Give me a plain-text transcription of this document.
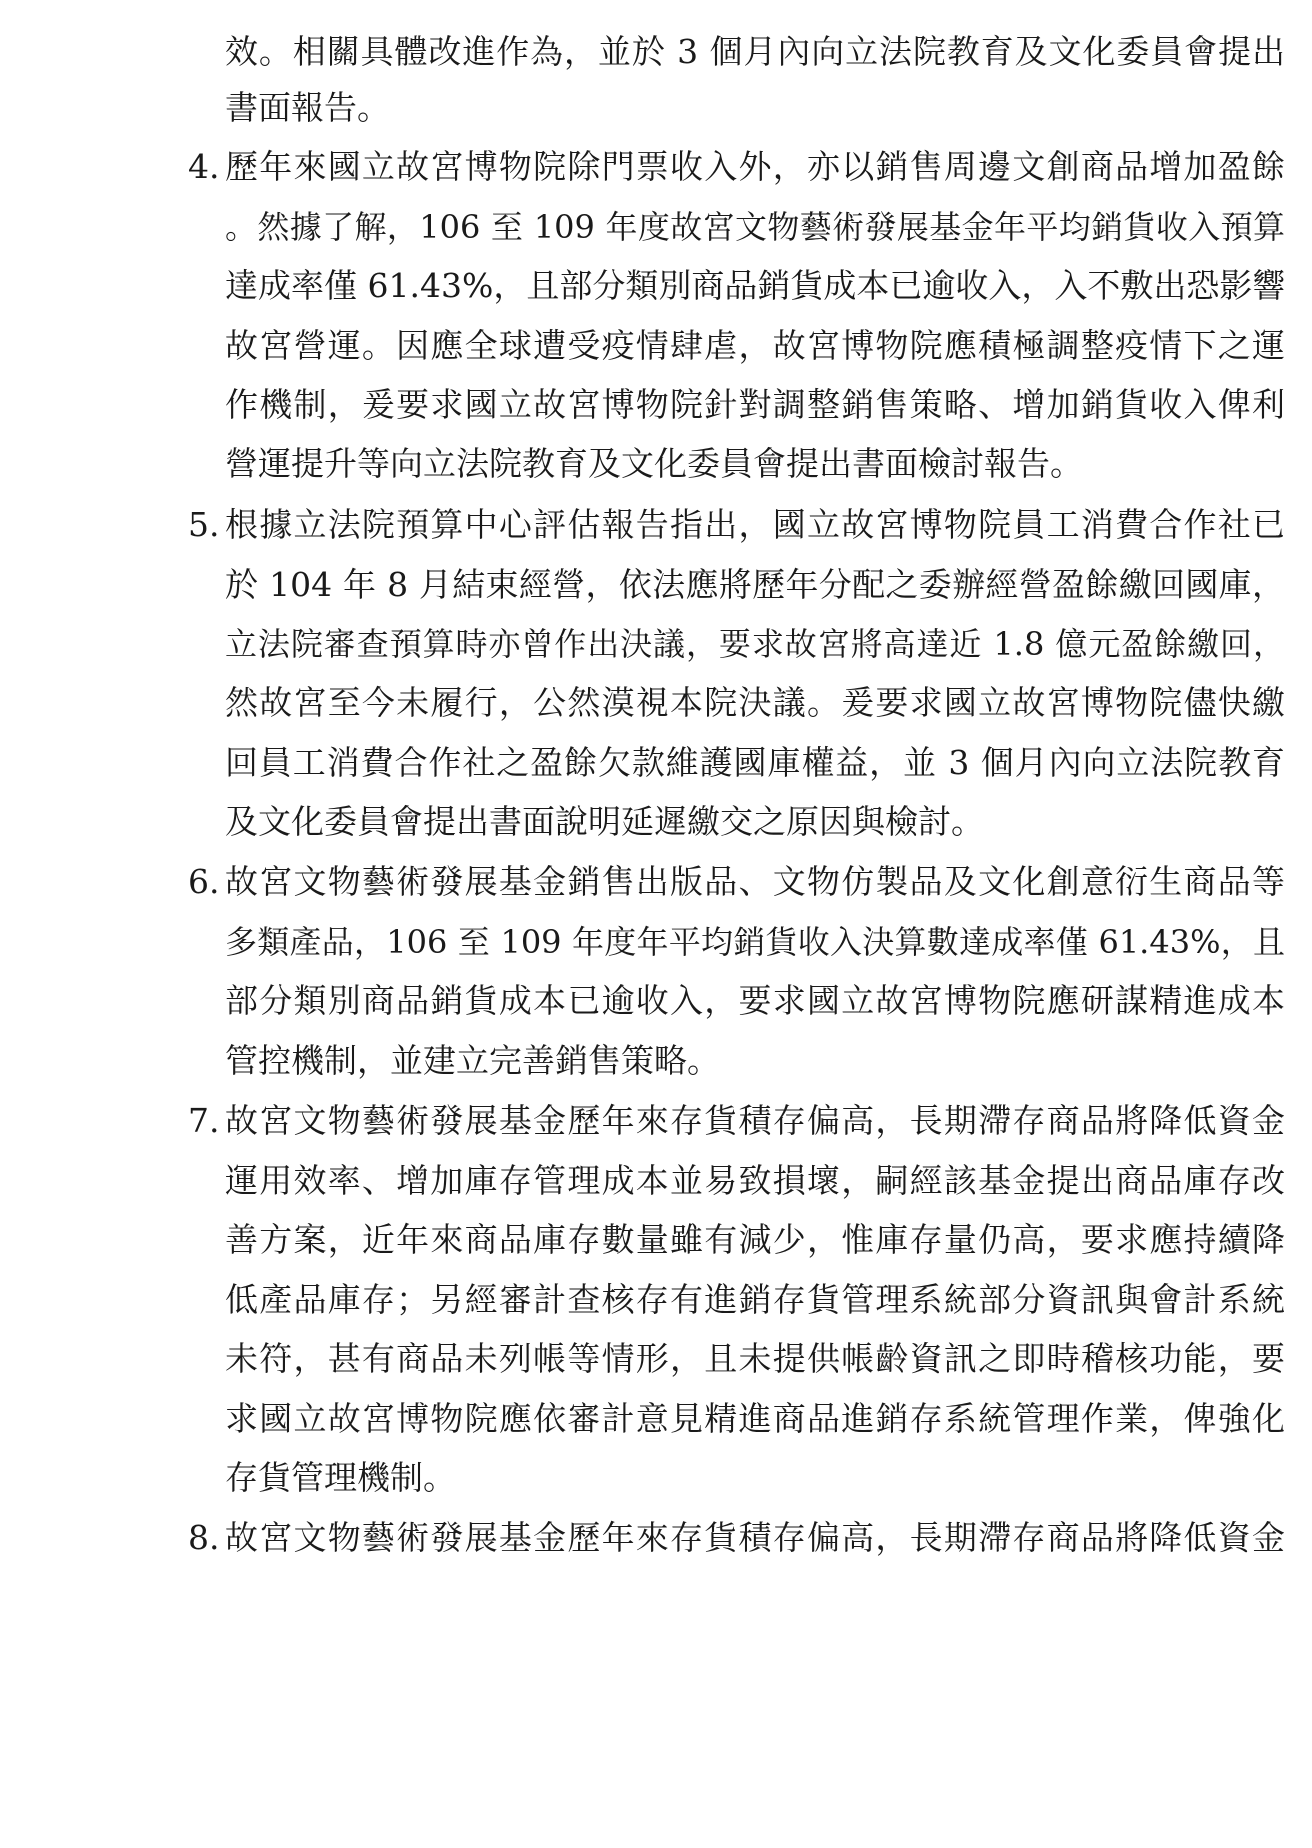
效。相關具體改進作為，並於 3 個月內向立法院教育及文化委員會提出
書面報告。
4. 歷年來國立故宮博物院除門票收入外，亦以銷售周邊文創商品增加盈餘
。然據了解，106 至 109 年度故宮文物藝術發展基金年平均銷貨收入預算
達成率僅 61.43%，且部分類別商品銷貨成本已逾收入，入不敷出恐影響
故宮營運。因應全球遭受疫情肆虐，故宮博物院應積極調整疫情下之運
作機制，爰要求國立故宮博物院針對調整銷售策略、增加銷貨收入俾利
營運提升等向立法院教育及文化委員會提出書面檢討報告。
5. 根據立法院預算中心評估報告指出，國立故宮博物院員工消費合作社已
於 104 年 8 月結束經營，依法應將歷年分配之委辦經營盈餘繳回國庫，
立法院審查預算時亦曾作出決議，要求故宮將高達近 1.8 億元盈餘繳回，
然故宮至今未履行，公然漠視本院決議。爰要求國立故宮博物院儘快繳
回員工消費合作社之盈餘欠款維護國庫權益，並 3 個月內向立法院教育
及文化委員會提出書面說明延遲繳交之原因與檢討。
6. 故宮文物藝術發展基金銷售出版品、文物仿製品及文化創意衍生商品等
多類產品，106 至 109 年度年平均銷貨收入決算數達成率僅 61.43%，且
部分類別商品銷貨成本已逾收入，要求國立故宮博物院應研謀精進成本
管控機制，並建立完善銷售策略。
7. 故宮文物藝術發展基金歷年來存貨積存偏高，長期滯存商品將降低資金
運用效率、增加庫存管理成本並易致損壞，嗣經該基金提出商品庫存改
善方案，近年來商品庫存數量雖有減少，惟庫存量仍高，要求應持續降
低產品庫存；另經審計查核存有進銷存貨管理系統部分資訊與會計系統
未符，甚有商品未列帳等情形，且未提供帳齡資訊之即時稽核功能，要
求國立故宮博物院應依審計意見精進商品進銷存系統管理作業，俾強化
存貨管理機制。
8. 故宮文物藝術發展基金歷年來存貨積存偏高，長期滯存商品將降低資金
